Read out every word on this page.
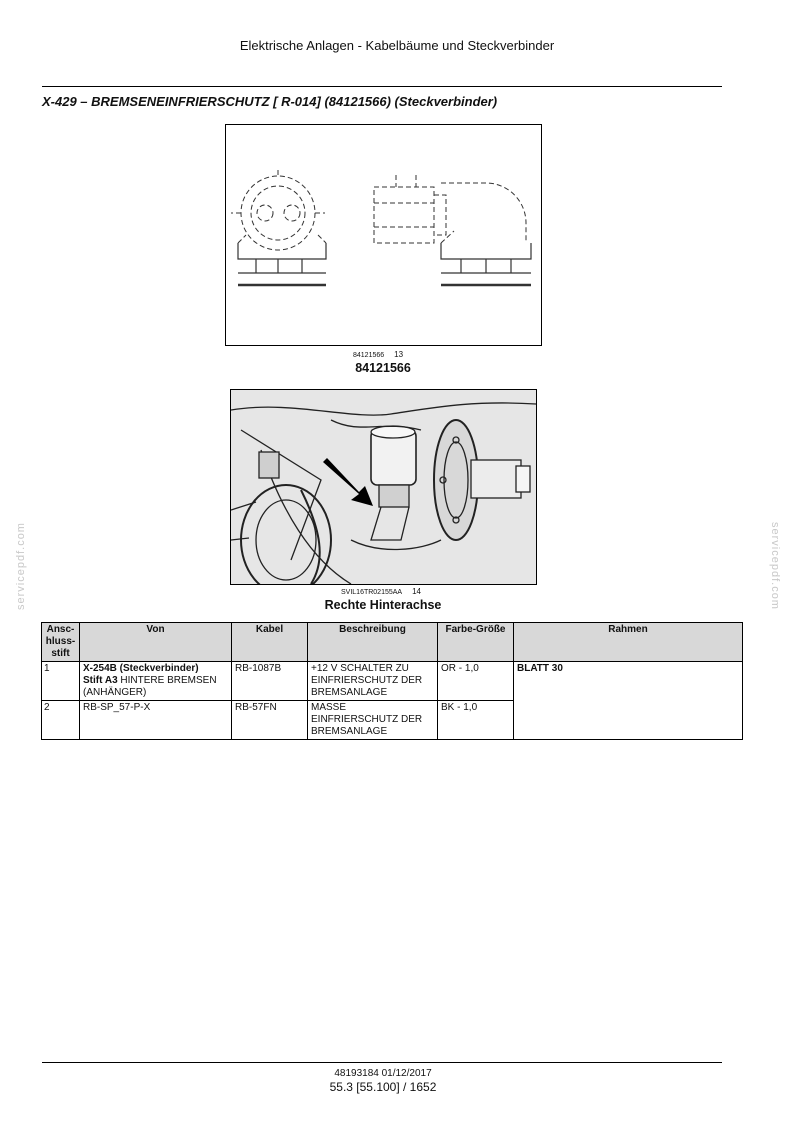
Elektrische Anlagen - Kabelbäume und Steckverbinder
X-429 – BREMSENEINFRIERSCHUTZ [ R-014] (84121566) (Steckverbinder)
84121566 13
84121566
SVIL16TR02155AA 14
Rechte Hinterachse
Ansc-
hluss-
stift	Von	Kabel	Beschreibung	Farbe-Größe	Rahmen
1	X-254B (Steckverbinder)
Stift A3 HINTERE BREMSEN (ANHÄNGER)	RB-1087B	+12 V SCHALTER ZU EINFRIERSCHUTZ DER BREMSANLAGE	OR - 1,0	BLATT 30
2	RB-SP_57-P-X	RB-57FN	MASSE EINFRIERSCHUTZ DER BREMSANLAGE	BK - 1,0	
48193184 01/12/2017
55.3 [55.100] / 1652
servicepdf.com	servicepdf.com
